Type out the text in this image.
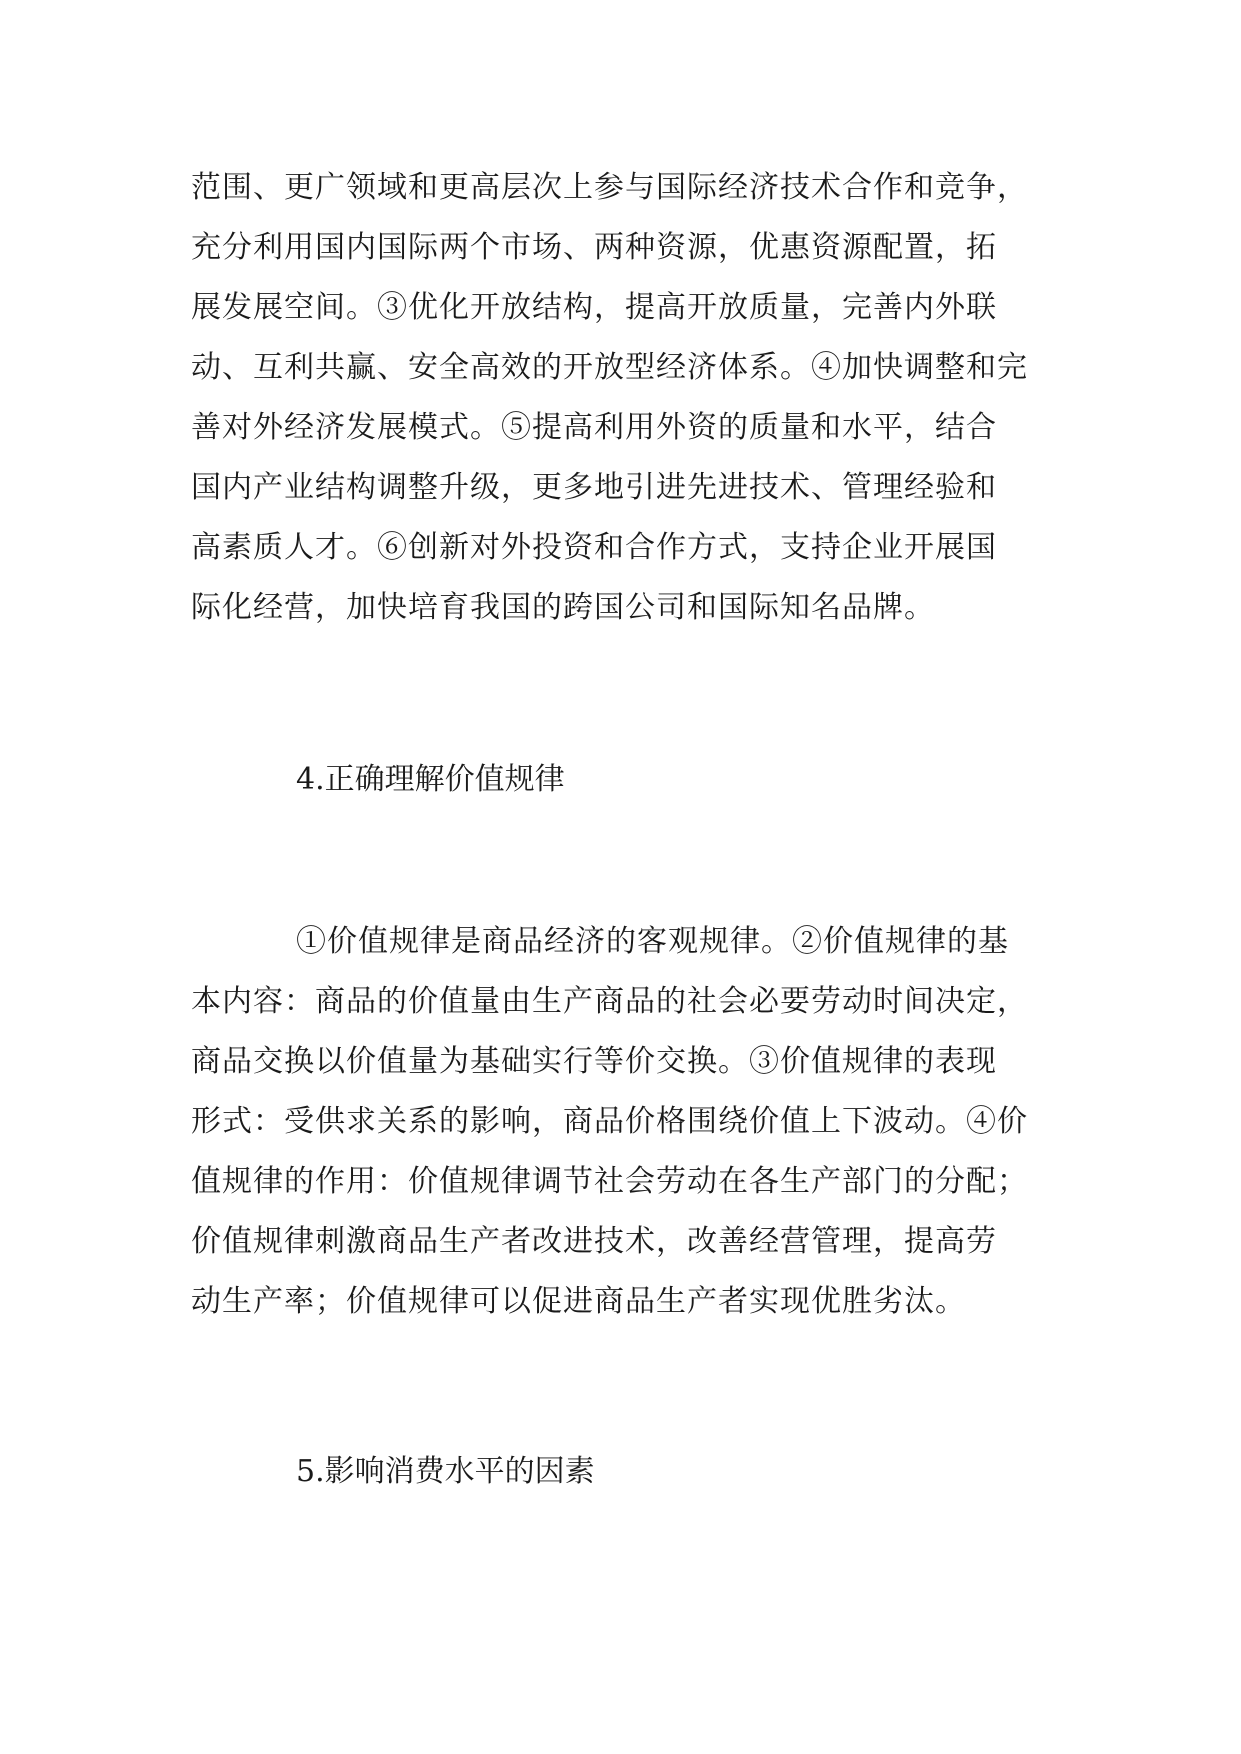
范围、更广领域和更高层次上参与国际经济技术合作和竞争，
充分利用国内国际两个市场、两种资源，优惠资源配置，拓
展发展空间。③优化开放结构，提高开放质量，完善内外联
动、互利共赢、安全高效的开放型经济体系。④加快调整和完
善对外经济发展模式。⑤提高利用外资的质量和水平，结合
国内产业结构调整升级，更多地引进先进技术、管理经验和
高素质人才。⑥创新对外投资和合作方式，支持企业开展国
际化经营，加快培育我国的跨国公司和国际知名品牌。
4.正确理解价值规律
①价值规律是商品经济的客观规律。②价值规律的基
本内容：商品的价值量由生产商品的社会必要劳动时间决定，
商品交换以价值量为基础实行等价交换。③价值规律的表现
形式：受供求关系的影响，商品价格围绕价值上下波动。④价
值规律的作用：价值规律调节社会劳动在各生产部门的分配；
价值规律刺激商品生产者改进技术，改善经营管理，提高劳
动生产率；价值规律可以促进商品生产者实现优胜劣汰。
5.影响消费水平的因素
